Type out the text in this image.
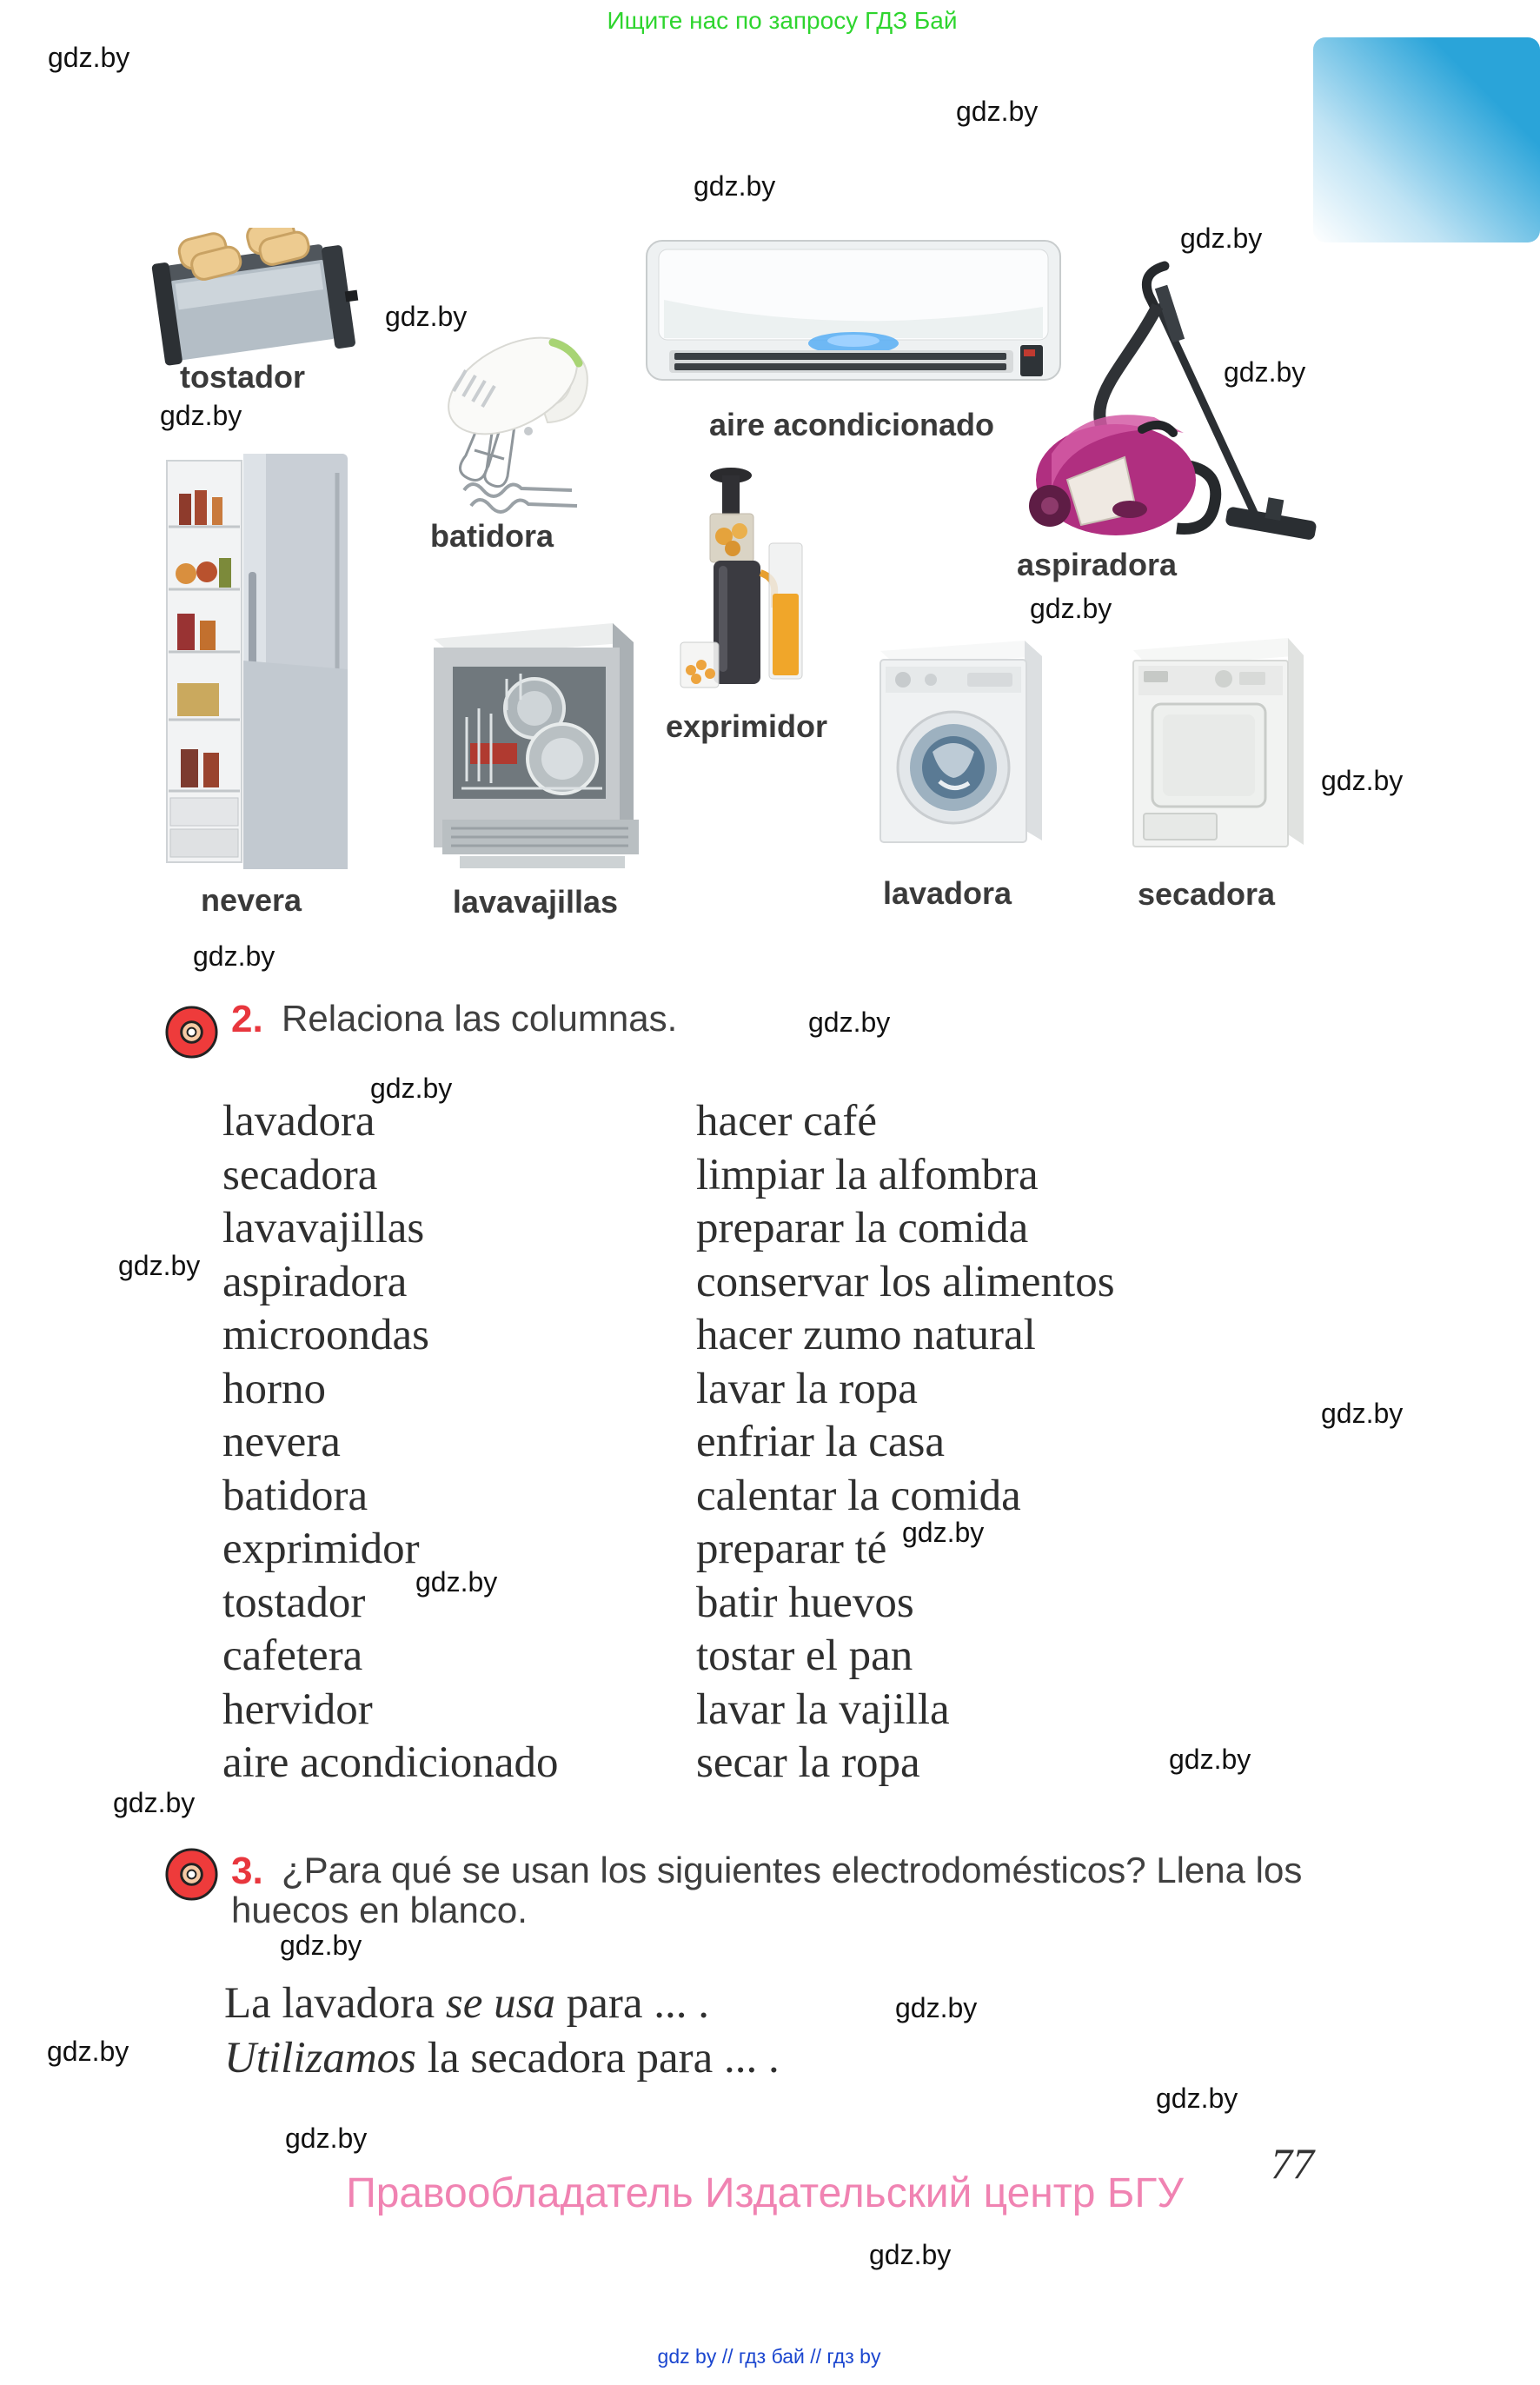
Ищите нас по запросу ГДЗ Бай
gdz.by
gdz.by
gdz.by
gdz.by
gdz.by
gdz.by
gdz.by
gdz.by
gdz.by
gdz.by
gdz.by
gdz.by
gdz.by
gdz.by
gdz.by
gdz.by
gdz.by
gdz.by
gdz.by
gdz.by
gdz.by
gdz.by
gdz.by
gdz.by
tostador
batidora
aire acondicionado
aspiradora
nevera	lavavajillas
exprimidor
lavadora	secadora
2. Relaciona las columnas.
lavadora
secadora
lavavajillas
aspiradora
microondas
horno
nevera
batidora
exprimidor
tostador
cafetera
hervidor
aire acondicionado
hacer café
limpiar la alfombra
preparar la comida
conservar los alimentos
hacer zumo natural
lavar la ropa
enfriar la casa
calentar la comida
preparar té
batir huevos
tostar el pan
lavar la vajilla
secar la ropa
3. ¿Para qué se usan los siguientes electrodomésticos? Llena los
huecos en blanco.
La lavadora se usa para ... .
Utilizamos la secadora para ... .
77
Правообладатель Издательский центр БГУ
gdz by // гдз бай // гдз by
